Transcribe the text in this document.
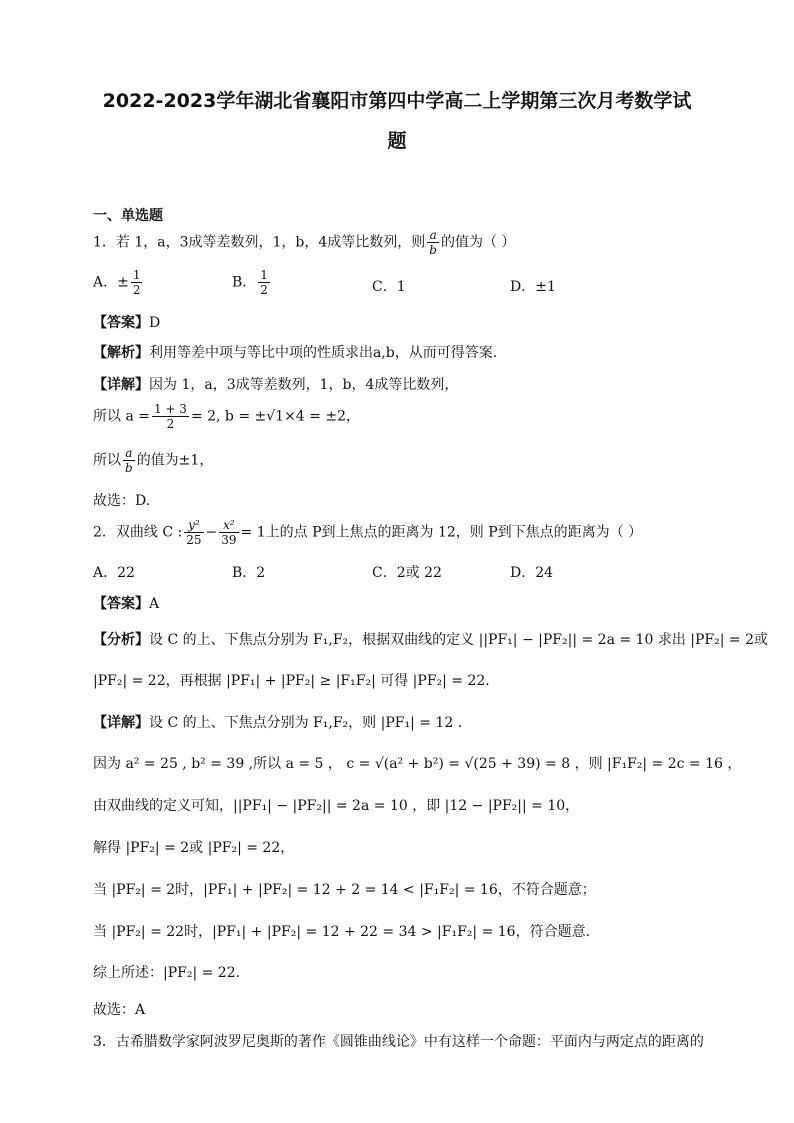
2022-2023学年湖北省襄阳市第四中学高二上学期第三次月考数学试
题
一、单选题
1．若 1，a，3成等差数列，1，b，4成等比数列，则 $\frac{a}{b}$ 的值为（ ）
A．± $\frac{1}{2}$	B． $\frac{1}{2}$	C．1	D．±1
【答案】D
【解析】利用等差中项与等比中项的性质求出a,b，从而可得答案.
【详解】因为 1，a，3成等差数列，1，b，4成等比数列，
所以 $a = \frac{1 + 3}{2} = 2$, b = ±√1×4 = ±2，
所以 $\frac{a}{b}$ 的值为±1，
故选：D.
2．双曲线 C : $\frac{\text{y²}}{25} - \frac{\text{x²}}{39} = 1$上的点 P到上焦点的距离为 12，则 P到下焦点的距离为（ ）
A．22	B．2	C．2或 22	D．24
【答案】A
【分析】设 C 的上、下焦点分别为 F₁,F₂，根据双曲线的定义 ||PF₁| − |PF₂|| = 2a = 10 求出 |PF₂| = 2或
|PF₂| = 22，再根据 |PF₁| + |PF₂| ≥ |F₁F₂| 可得 |PF₂| = 22.
【详解】设 C 的上、下焦点分别为 F₁,F₂，则 |PF₁| = 12 .
因为 a² = 25 , b² = 39 ,所以 a = 5 ， c = √(a² + b²) = √(25 + 39) = 8 ，则 |F₁F₂| = 2c = 16 ，
由双曲线的定义可知，||PF₁| − |PF₂|| = 2a = 10 ，即 |12 − |PF₂|| = 10，
解得 |PF₂| = 2或 |PF₂| = 22，
当 |PF₂| = 2时，|PF₁| + |PF₂| = 12 + 2 = 14 < |F₁F₂| = 16，不符合题意；
当 |PF₂| = 22时，|PF₁| + |PF₂| = 12 + 22 = 34 > |F₁F₂| = 16，符合题意.
综上所述：|PF₂| = 22.
故选：A
3．古希腊数学家阿波罗尼奥斯的著作《圆锥曲线论》中有这样一个命题：平面内与两定点的距离的
